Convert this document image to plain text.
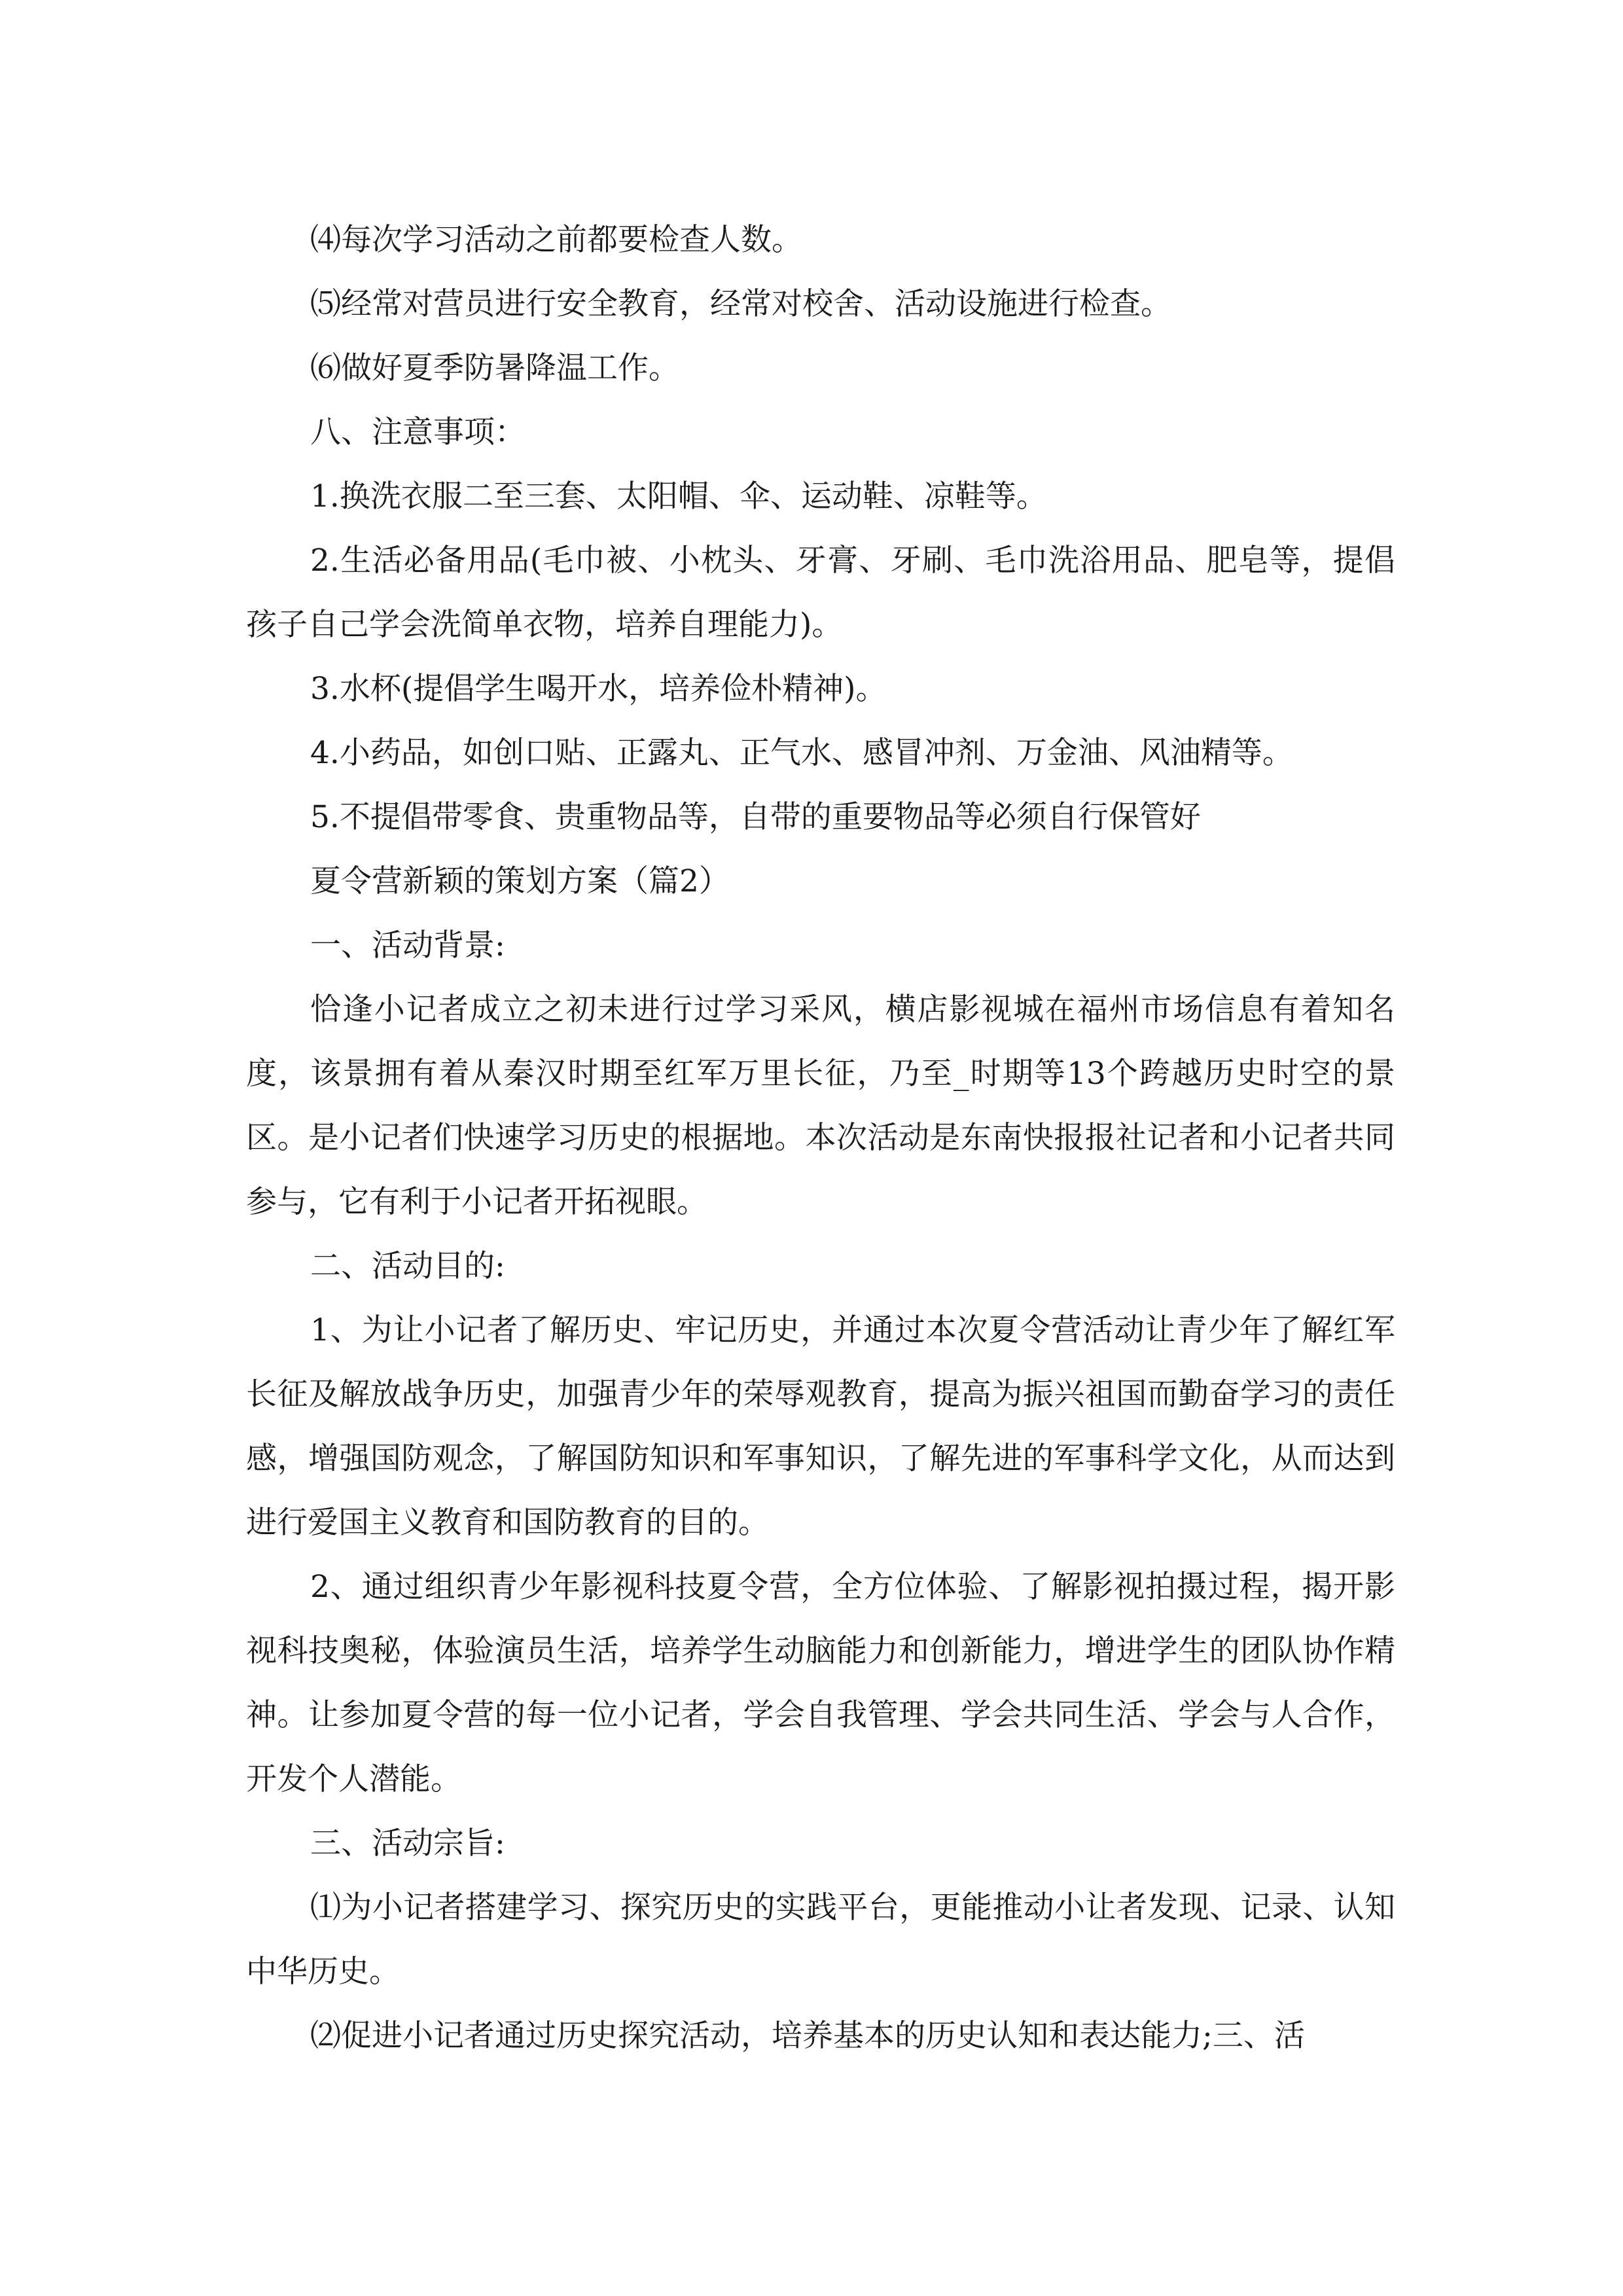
⑷每次学习活动之前都要检查人数。

⑸经常对营员进行安全教育，经常对校舍、活动设施进行检查。

⑹做好夏季防暑降温工作。

八、注意事项：

1.换洗衣服二至三套、太阳帽、伞、运动鞋、凉鞋等。

2.生活必备用品(毛巾被、小枕头、牙膏、牙刷、毛巾洗浴用品、肥皂等，提倡孩子自己学会洗简单衣物，培养自理能力)。

3.水杯(提倡学生喝开水，培养俭朴精神)。

4.小药品，如创口贴、正露丸、正气水、感冒冲剂、万金油、风油精等。

5.不提倡带零食、贵重物品等，自带的重要物品等必须自行保管好

夏令营新颖的策划方案（篇2）

一、活动背景:

恰逢小记者成立之初未进行过学习采风，横店影视城在福州市场信息有着知名度，该景拥有着从秦汉时期至红军万里长征，乃至_时期等13个跨越历史时空的景区。是小记者们快速学习历史的根据地。本次活动是东南快报报社记者和小记者共同参与，它有利于小记者开拓视眼。

二、活动目的:

1、为让小记者了解历史、牢记历史，并通过本次夏令营活动让青少年了解红军长征及解放战争历史，加强青少年的荣辱观教育，提高为振兴祖国而勤奋学习的责任感，增强国防观念，了解国防知识和军事知识，了解先进的军事科学文化，从而达到进行爱国主义教育和国防教育的目的。

2、通过组织青少年影视科技夏令营，全方位体验、了解影视拍摄过程，揭开影视科技奥秘，体验演员生活，培养学生动脑能力和创新能力，增进学生的团队协作精神。让参加夏令营的每一位小记者，学会自我管理、学会共同生活、学会与人合作，开发个人潜能。

三、活动宗旨:

⑴为小记者搭建学习、探究历史的实践平台，更能推动小让者发现、记录、认知中华历史。

⑵促进小记者通过历史探究活动，培养基本的历史认知和表达能力;三、活
